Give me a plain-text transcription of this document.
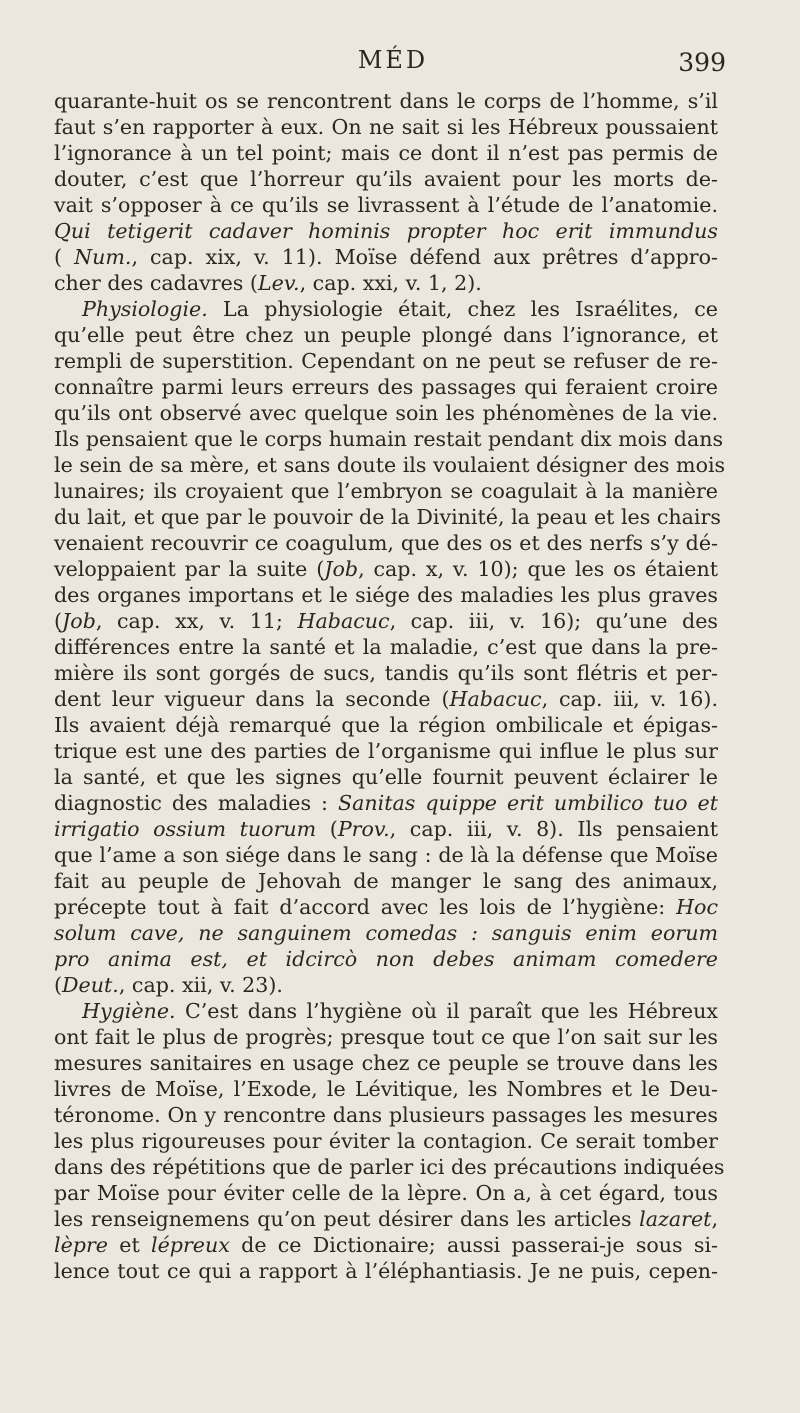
MÉD	399
quarante-huit os se rencontrent dans le corps de l’homme, s’il
faut s’en rapporter à eux. On ne sait si les Hébreux poussaient
l’ignorance à un tel point; mais ce dont il n’est pas permis de
douter, c’est que l’horreur qu’ils avaient pour les morts de-
vait s’opposer à ce qu’ils se livrassent à l’étude de l’anatomie.
Qui tetigerit cadaver hominis propter hoc erit immundus
( Num., cap. xix, v. 11). Moïse défend aux prêtres d’appro-
cher des cadavres (Lev., cap. xxi, v. 1, 2).
Physiologie. La physiologie était, chez les Israélites, ce
qu’elle peut être chez un peuple plongé dans l’ignorance, et
rempli de superstition. Cependant on ne peut se refuser de re-
connaître parmi leurs erreurs des passages qui feraient croire
qu’ils ont observé avec quelque soin les phénomènes de la vie.
Ils pensaient que le corps humain restait pendant dix mois dans
le sein de sa mère, et sans doute ils voulaient désigner des mois
lunaires; ils croyaient que l’embryon se coagulait à la manière
du lait, et que par le pouvoir de la Divinité, la peau et les chairs
venaient recouvrir ce coagulum, que des os et des nerfs s’y dé-
veloppaient par la suite (Job, cap. x, v. 10); que les os étaient
des organes importans et le siége des maladies les plus graves
(Job, cap. xx, v. 11; Habacuc, cap. iii, v. 16); qu’une des
différences entre la santé et la maladie, c’est que dans la pre-
mière ils sont gorgés de sucs, tandis qu’ils sont flétris et per-
dent leur vigueur dans la seconde (Habacuc, cap. iii, v. 16).
Ils avaient déjà remarqué que la région ombilicale et épigas-
trique est une des parties de l’organisme qui influe le plus sur
la santé, et que les signes qu’elle fournit peuvent éclairer le
diagnostic des maladies : Sanitas quippe erit umbilico tuo et
irrigatio ossium tuorum (Prov., cap. iii, v. 8). Ils pensaient
que l’ame a son siége dans le sang : de là la défense que Moïse
fait au peuple de Jehovah de manger le sang des animaux,
précepte tout à fait d’accord avec les lois de l’hygiène: Hoc
solum cave, ne sanguinem comedas : sanguis enim eorum
pro anima est, et idcircò non debes animam comedere
(Deut., cap. xii, v. 23).
Hygiène. C’est dans l’hygiène où il paraît que les Hébreux
ont fait le plus de progrès; presque tout ce que l’on sait sur les
mesures sanitaires en usage chez ce peuple se trouve dans les
livres de Moïse, l’Exode, le Lévitique, les Nombres et le Deu-
téronome. On y rencontre dans plusieurs passages les mesures
les plus rigoureuses pour éviter la contagion. Ce serait tomber
dans des répétitions que de parler ici des précautions indiquées
par Moïse pour éviter celle de la lèpre. On a, à cet égard, tous
les renseignemens qu’on peut désirer dans les articles lazaret,
lèpre et lépreux de ce Dictionaire; aussi passerai-je sous si-
lence tout ce qui a rapport à l’éléphantiasis. Je ne puis, cepen-
